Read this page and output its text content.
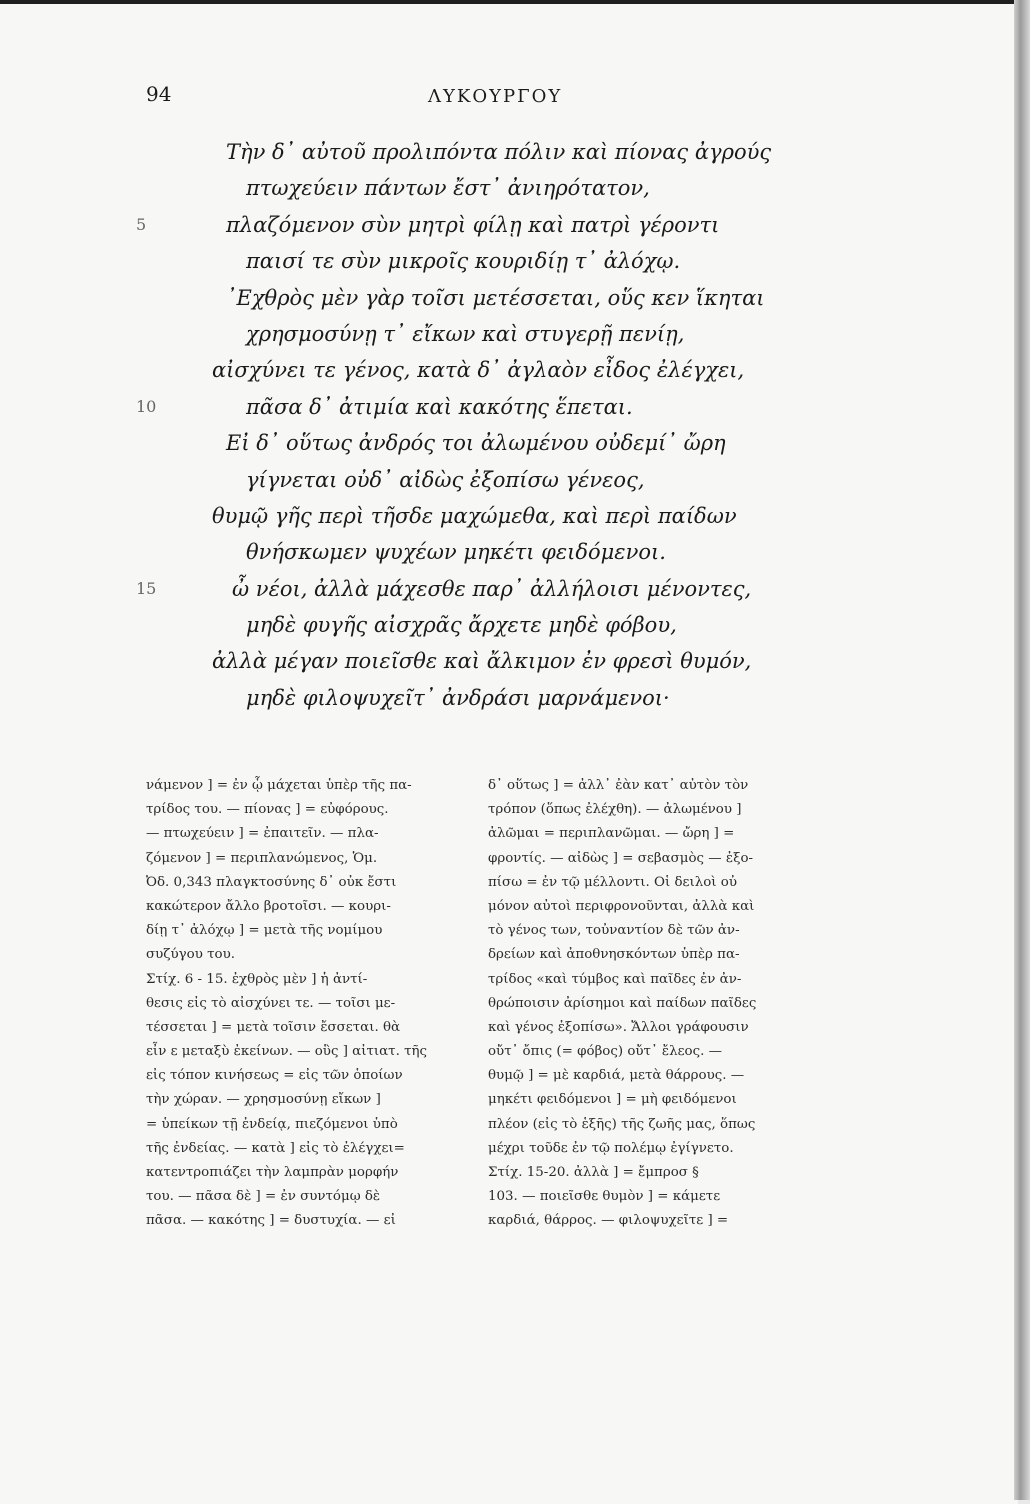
94	ΛΥΚΟΥΡΓΟΥ
Τὴν δ᾿ αὐτοῦ προλιπόντα πόλιν καὶ πίονας ἀγρούς
πτωχεύειν πάντων ἔστ᾿ ἀνιηρότατον,
5	πλαζόμενον σὺν μητρὶ φίλῃ καὶ πατρὶ γέροντι
παισί τε σὺν μικροῖς κουριδίῃ τ᾿ ἀλόχῳ.
᾿Εχθρὸς μὲν γὰρ τοῖσι μετέσσεται, οὕς κεν ἵκηται
χρησμοσύνῃ τ᾿ εἴκων καὶ στυγερῇ πενίῃ,
αἰσχύνει τε γένος, κατὰ δ᾿ ἀγλαὸν εἶδος ἐλέγχει,
10	πᾶσα δ᾿ ἀτιμία καὶ κακότης ἕπεται.
Εἰ δ᾿ οὕτως ἀνδρός τοι ἀλωμένου οὐδεμί᾿ ὤρη
γίγνεται οὐδ᾿ αἰδὼς ἐξοπίσω γένεος,
θυμῷ γῆς περὶ τῆσδε μαχώμεθα, καὶ περὶ παίδων
θνήσκωμεν ψυχέων μηκέτι φειδόμενοι.
15	ὦ νέοι, ἀλλὰ μάχεσθε παρ᾿ ἀλλήλοισι μένοντες,
μηδὲ φυγῆς αἰσχρᾶς ἄρχετε μηδὲ φόβου,
ἀλλὰ μέγαν ποιεῖσθε καὶ ἄλκιμον ἐν φρεσὶ θυμόν,
μηδὲ φιλοψυχεῖτ᾿ ἀνδράσι μαρνάμενοι·
νάμενον ] = ἐν ᾧ μάχεται ὑπὲρ τῆς πα-
τρίδος του. — πίονας ] = εὐφόρους.
— πτωχεύειν ] = ἐπαιτεῖν. — πλα-
ζόμενον ] = περιπλανώμενος, Ὁμ.
Ὀδ. 0,343 πλαγκτοσύνης δ᾿ οὐκ ἔστι
κακώτερον ἄλλο βροτοῖσι. — κουρι-
δίῃ τ᾿ ἀλόχῳ ] = μετὰ τῆς νομίμου
συζύγου του.
Στίχ. 6 - 15. ἐχθρὸς μὲν ] ἡ ἀντί-
θεσις εἰς τὸ αἰσχύνει τε. — τοῖσι με-
τέσσεται ] = μετὰ τοῖσιν ἔσσεται. θὰ
εἶν ε μεταξὺ ἐκείνων. — οὓς ] αἰτιατ. τῆς
εἰς τόπον κινήσεως = εἰς τῶν ὁποίων
τὴν χώραν. — χρησμοσύνῃ εἴκων ]
= ὑπείκων τῇ ἐνδείᾳ, πιεζόμενοι ὑπὸ
τῆς ἐνδείας. — κατὰ ] εἰς τὸ ἐλέγχει=
κατεντροπιάζει τὴν λαμπρὰν μορφήν
του. — πᾶσα δὲ ] = ἐν συντόμῳ δὲ
πᾶσα. — κακότης ] = δυστυχία. — εἰ
δ᾿ οὕτως ] = ἀλλ᾿ ἐὰν κατ᾿ αὐτὸν τὸν
τρόπον (ὅπως ἐλέχθη). — ἀλωμένου ]
ἀλῶμαι = περιπλανῶμαι. — ὤρη ] =
φροντίς. — αἰδὼς ] = σεβασμὸς — ἐξο-
πίσω = ἐν τῷ μέλλοντι. Οἱ δειλοὶ οὐ
μόνον αὐτοὶ περιφρονοῦνται, ἀλλὰ καὶ
τὸ γένος των, τοὐναντίον δὲ τῶν ἀν-
δρείων καὶ ἀποθνησκόντων ὑπὲρ πα-
τρίδος «καὶ τύμβος καὶ παῖδες ἐν ἀν-
θρώποισιν ἀρίσημοι καὶ παίδων παῖδες
καὶ γένος ἐξοπίσω». Ἄλλοι γράφουσιν
οὔτ᾿ ὄπις (= φόβος) οὔτ᾿ ἔλεος. —
θυμῷ ] = μὲ καρδιά, μετὰ θάρρους. —
μηκέτι φειδόμενοι ] = μὴ φειδόμενοι
πλέον (εἰς τὸ ἑξῆς) τῆς ζωῆς μας, ὅπως
μέχρι τοῦδε ἐν τῷ πολέμῳ ἐγίγνετο.
Στίχ. 15-20. ἀλλὰ ] = ἔμπροσ §
103. — ποιεῖσθε θυμὸν ] = κάμετε
καρδιά, θάρρος. — φιλοψυχεῖτε ] =
